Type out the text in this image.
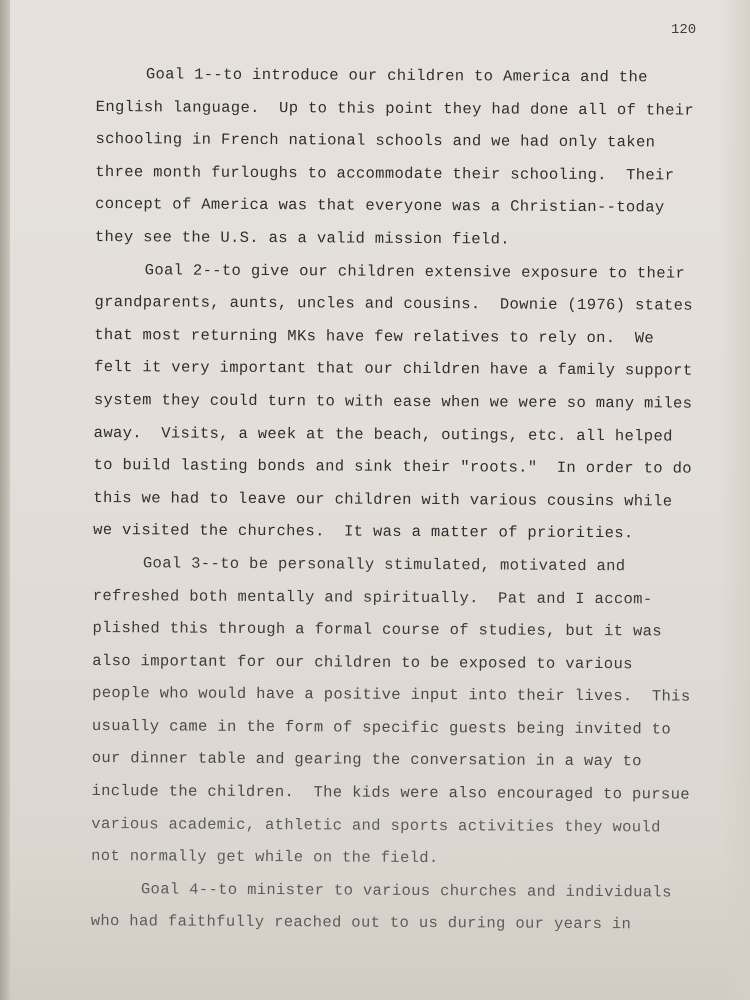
120
Goal 1--to introduce our children to America and the
English language.  Up to this point they had done all of their
schooling in French national schools and we had only taken
three month furloughs to accommodate their schooling.  Their
concept of America was that everyone was a Christian--today
they see the U.S. as a valid mission field.
Goal 2--to give our children extensive exposure to their
grandparents, aunts, uncles and cousins.  Downie (1976) states
that most returning MKs have few relatives to rely on.  We
felt it very important that our children have a family support
system they could turn to with ease when we were so many miles
away.  Visits, a week at the beach, outings, etc. all helped
to build lasting bonds and sink their "roots."  In order to do
this we had to leave our children with various cousins while
we visited the churches.  It was a matter of priorities.
Goal 3--to be personally stimulated, motivated and
refreshed both mentally and spiritually.  Pat and I accom-
plished this through a formal course of studies, but it was
also important for our children to be exposed to various
people who would have a positive input into their lives.  This
usually came in the form of specific guests being invited to
our dinner table and gearing the conversation in a way to
include the children.  The kids were also encouraged to pursue
various academic, athletic and sports activities they would
not normally get while on the field.
Goal 4--to minister to various churches and individuals
who had faithfully reached out to us during our years in
